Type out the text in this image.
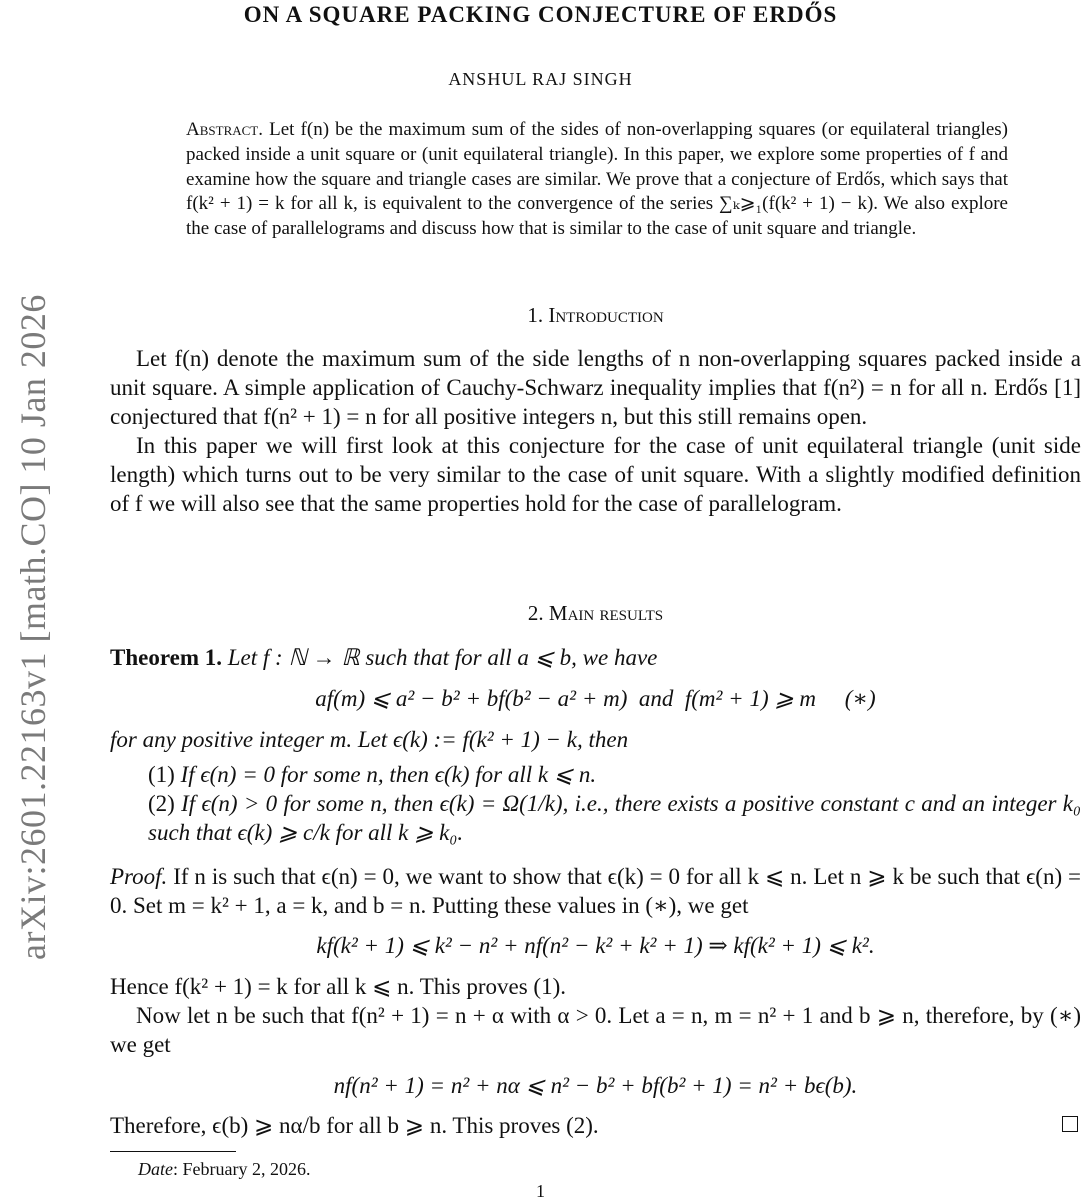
arXiv:2601.22163v1 [math.CO] 10 Jan 2026
ON A SQUARE PACKING CONJECTURE OF ERDŐS
ANSHUL RAJ SINGH

Abstract. Let f(n) be the maximum sum of the sides of non-overlapping squares (or equilateral triangles) packed inside a unit square or (unit equilateral triangle). In this paper, we explore some properties of f and examine how the square and triangle cases are similar. We prove that a conjecture of Erdős, which says that f(k² + 1) = k for all k, is equivalent to the convergence of the series ∑ₖ⩾₁(f(k² + 1) − k). We also explore the case of parallelograms and discuss how that is similar to the case of unit square and triangle.

1. Introduction

Let f(n) denote the maximum sum of the side lengths of n non-overlapping squares packed inside a unit square. A simple application of Cauchy-Schwarz inequality implies that f(n²) = n for all n. Erdős [1] conjectured that f(n² + 1) = n for all positive integers n, but this still remains open.

In this paper we will first look at this conjecture for the case of unit equilateral triangle (unit side length) which turns out to be very similar to the case of unit square. With a slightly modified definition of f we will also see that the same properties hold for the case of parallelogram.

2. Main results
Theorem 1. Let f : ℕ → ℝ such that for all a ⩽ b, we have
af(m) ⩽ a² − b² + bf(b² − a² + m)  and  f(m² + 1) ⩾ m     (∗)
for any positive integer m. Let ϵ(k) := f(k² + 1) − k, then
(1) If ϵ(n) = 0 for some n, then ϵ(k) for all k ⩽ n.
(2) If ϵ(n) > 0 for some n, then ϵ(k) = Ω(1/k), i.e., there exists a positive constant c and an integer k₀ such that ϵ(k) ⩾ c/k for all k ⩾ k₀.
Proof. If n is such that ϵ(n) = 0, we want to show that ϵ(k) = 0 for all k ⩽ n. Let n ⩾ k be such that ϵ(n) = 0. Set m = k² + 1, a = k, and b = n. Putting these values in (∗), we get
kf(k² + 1) ⩽ k² − n² + nf(n² − k² + k² + 1) ⇒ kf(k² + 1) ⩽ k².

Hence f(k² + 1) = k for all k ⩽ n. This proves (1).

Now let n be such that f(n² + 1) = n + α with α > 0. Let a = n, m = n² + 1 and b ⩾ n, therefore, by (∗) we get

nf(n² + 1) = n² + nα ⩽ n² − b² + bf(b² + 1) = n² + bϵ(b).
Therefore, ϵ(b) ⩾ nα/b for all b ⩾ n. This proves (2).
Date: February 2, 2026.
1
